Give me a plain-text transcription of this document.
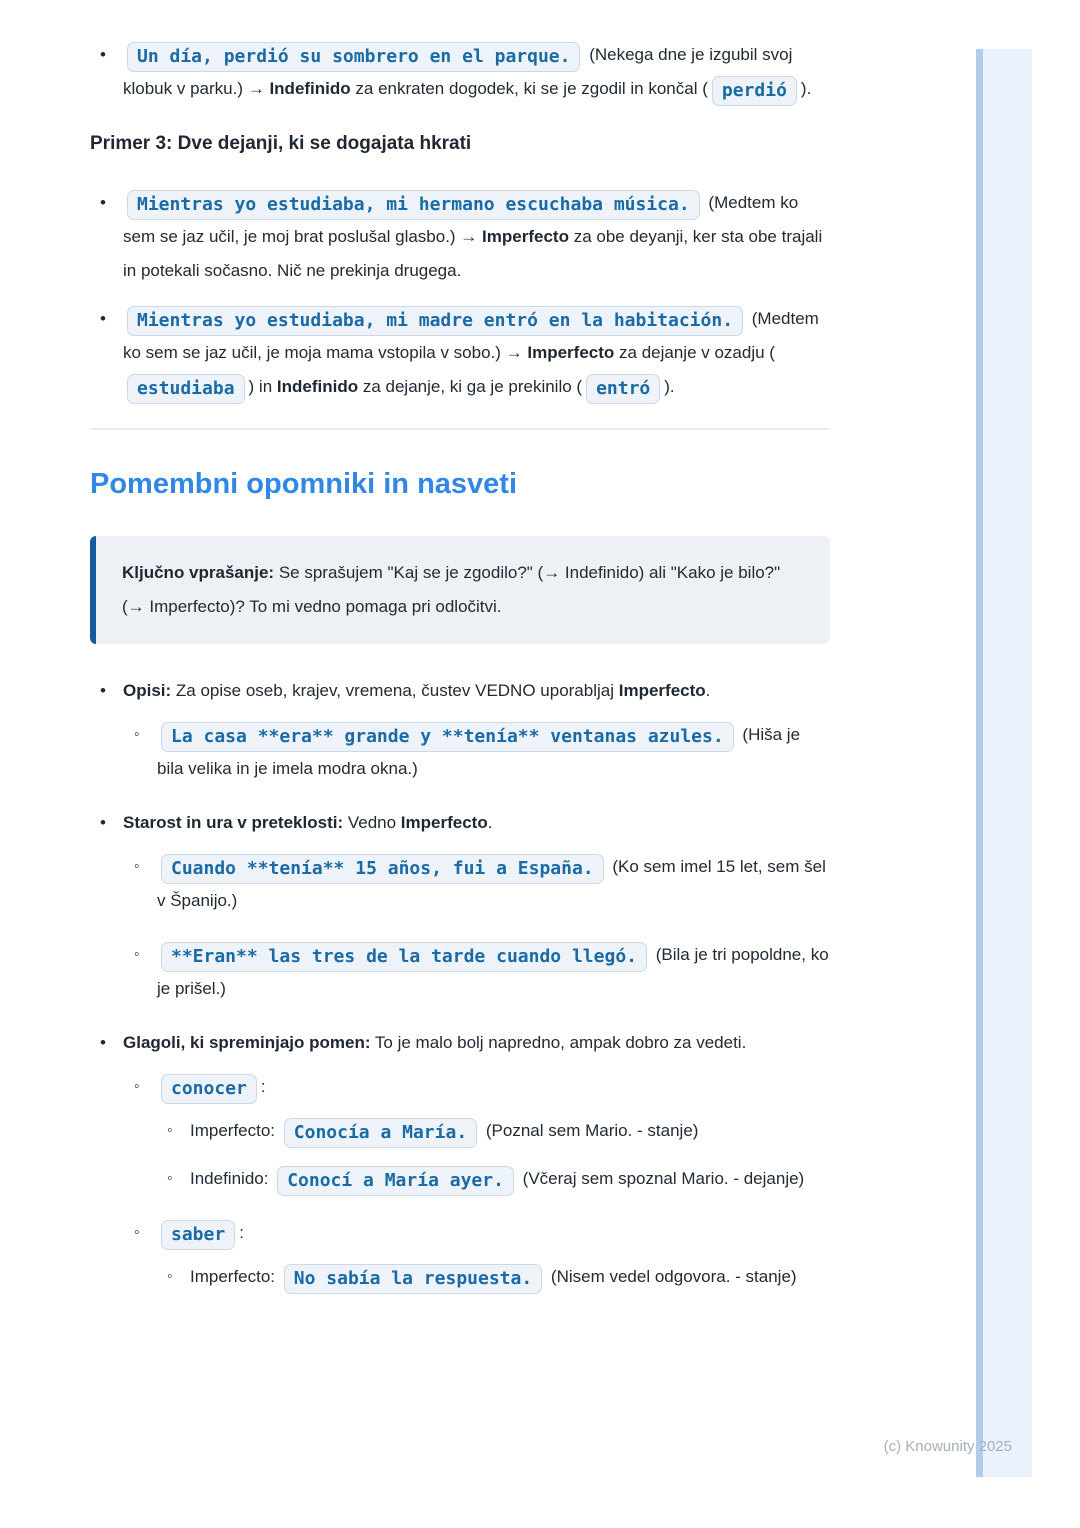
• Un día, perdió su sombrero en el parque. (Nekega dne je izgubil svoj klobuk v parku.) → Indefinido za enkraten dogodek, ki se je zgodil in končal ( perdió ).
Primer 3: Dve dejanji, ki se dogajata hkrati
• Mientras yo estudiaba, mi hermano escuchaba música. (Medtem ko sem se jaz učil, je moj brat poslušal glasbo.) → Imperfecto za obe deyanji, ker sta obe trajali in potekali sočasno. Nič ne prekinja drugega.
• Mientras yo estudiaba, mi madre entró en la habitación. (Medtem ko sem se jaz učil, je moja mama vstopila v sobo.) → Imperfecto za dejanje v ozadju (estudiaba ) in Indefinido za dejanje, ki ga je prekinilo ( entró ).
Pomembni opomniki in nasveti
Ključno vprašanje: Se sprašujem "Kaj se je zgodilo?" (→ Indefinido) ali "Kako je bilo?" (→ Imperfecto)? To mi vedno pomaga pri odločitvi.
• Opisi: Za opise oseb, krajev, vremena, čustev VEDNO uporabljaj Imperfecto.
◦ La casa **era** grande y **tenía** ventanas azules. (Hiša je bila velika in je imela modra okna.)
• Starost in ura v preteklosti: Vedno Imperfecto.
◦ Cuando **tenía** 15 años, fui a España. (Ko sem imel 15 let, sem šel v Španijo.)
◦ **Eran** las tres de la tarde cuando llegó. (Bila je tri popoldne, ko je prišel.)
• Glagoli, ki spreminjajo pomen: To je malo bolj napredno, ampak dobro za vedeti.
◦ conocer :
◦ Imperfecto: Conocía a María. (Poznal sem Mario. - stanje)
◦ Indefinido: Conocí a María ayer. (Včeraj sem spoznal Mario. - dejanje)
◦ saber :
◦ Imperfecto: No sabía la respuesta. (Nisem vedel odgovora. - stanje)
(c) Knowunity 2025
